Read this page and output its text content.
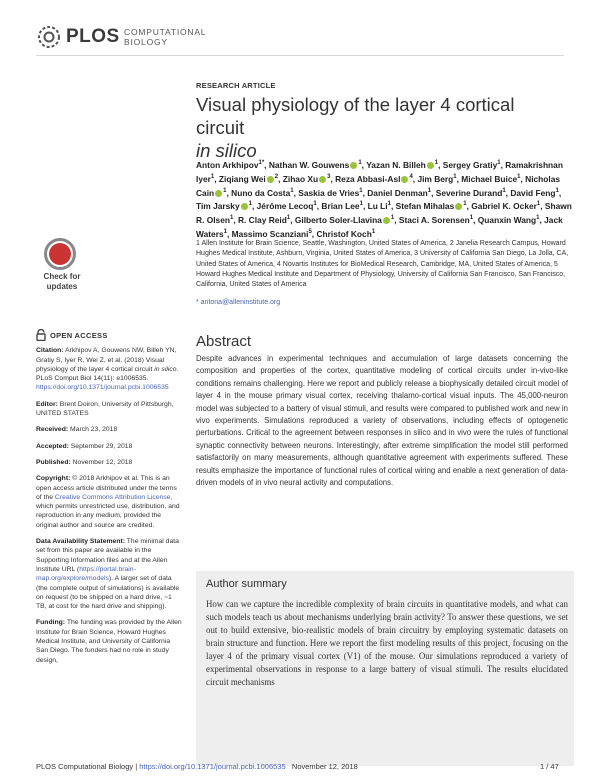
PLOS COMPUTATIONAL
BIOLOGY
RESEARCH ARTICLE
Visual physiology of the layer 4 cortical circuit
in silico
Anton Arkhipov$^{1*}$, Nathan W. Gouwens $^1$, Yazan N. Billeh $^1$, Sergey Gratiy$^1$, Ramakrishnan Iyer$^1$, Ziqiang Wei $^2$, Zihao Xu $^3$, Reza Abbasi-Asl $^4$, Jim Berg$^1$, Michael Buice$^1$, Nicholas Cain $^1$, Nuno da Costa$^1$, Saskia de Vries$^1$, Daniel Denman$^1$, Severine Durand$^1$, David Feng$^1$, Tim Jarsky $^1$, Jérôme Lecoq$^1$, Brian Lee$^1$, Lu Li$^1$, Stefan Mihalas $^1$, Gabriel K. Ocker$^1$, Shawn R. Olsen$^1$, R. Clay Reid$^1$, Gilberto Soler-Llavina $^1$, Staci A. Sorensen$^1$, Quanxin Wang$^1$, Jack Waters$^1$, Massimo Scanziani$^5$, Christof Koch$^1$
1 Allen Institute for Brain Science, Seattle, Washington, United States of America, 2 Janelia Research Campus, Howard Hughes Medical Institute, Ashburn, Virginia, United States of America, 3 University of California San Diego, La Jolla, CA, United States of America, 4 Novartis Institutes for BioMedical Research, Cambridge, MA, United States of America, 5 Howard Hughes Medical Institute and Department of Physiology, University of California San Francisco, San Francisco, California, United States of America
* antona@alleninstitute.org
Check for
updates
OPEN ACCESS
Citation: Arkhipov A, Gouwens NW, Billeh YN, Gratiy S, Iyer R, Wei Z, et al. (2018) Visual physiology of the layer 4 cortical circuit in silico. PLoS Comput Biol 14(11): e1006535. https://doi.org/10.1371/journal.pcbi.1006535
Editor: Brent Doiron, University of Pittsburgh, UNITED STATES
Received: March 23, 2018
Accepted: September 29, 2018
Published: November 12, 2018
Copyright: © 2018 Arkhipov et al. This is an open access article distributed under the terms of the Creative Commons Attribution License, which permits unrestricted use, distribution, and reproduction in any medium, provided the original author and source are credited.
Data Availability Statement: The minimal data set from this paper are available in the Supporting Information files and at the Allen Institute URL (https://portal.brain-map.org/explore/models). A larger set of data (the complete output of simulations) is available on request (to be shipped on a hard drive, ~1 TB, at cost for the hard drive and shipping).
Funding: The funding was provided by the Allen Institute for Brain Science, Howard Hughes Medical Institute, and University of California San Diego. The funders had no role in study design,
Abstract
Despite advances in experimental techniques and accumulation of large datasets concerning the composition and properties of the cortex, quantitative modeling of cortical circuits under in-vivo-like conditions remains challenging. Here we report and publicly release a biophysically detailed circuit model of layer 4 in the mouse primary visual cortex, receiving thalamo-cortical visual inputs. The 45,000-neuron model was subjected to a battery of visual stimuli, and results were compared to published work and new in vivo experiments. Simulations reproduced a variety of observations, including effects of optogenetic perturbations. Critical to the agreement between responses in silico and in vivo were the rules of functional synaptic connectivity between neurons. Interestingly, after extreme simplification the model still performed satisfactorily on many measurements, although quantitative agreement with experiments suffered. These results emphasize the importance of functional rules of cortical wiring and enable a next generation of data-driven models of in vivo neural activity and computations.
Author summary
How can we capture the incredible complexity of brain circuits in quantitative models, and what can such models teach us about mechanisms underlying brain activity? To answer these questions, we set out to build extensive, bio-realistic models of brain circuitry by employing systematic datasets on brain structure and function. Here we report the first modeling results of this project, focusing on the layer 4 of the primary visual cortex (V1) of the mouse. Our simulations reproduced a variety of experimental observations in response to a large battery of visual stimuli. The results elucidated circuit mechanisms
PLOS Computational Biology | https://doi.org/10.1371/journal.pcbi.1006535 November 12, 2018	1 / 47
